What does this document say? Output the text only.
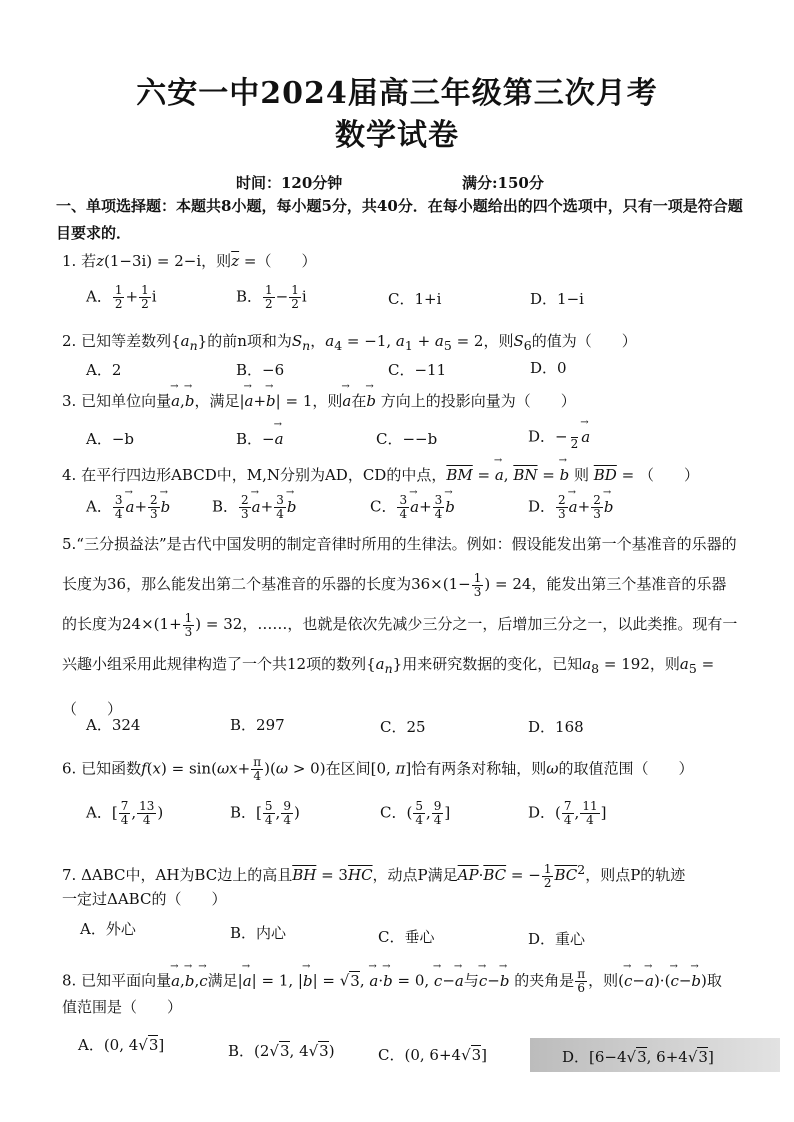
六安一中2024届高三年级第三次月考
数学试卷
时间：120分钟	满分:150分
一、单项选择题：本题共8小题，每小题5分，共40分．在每小题给出的四个选项中，只有一项是符合题目要求的．
1. 若z(1−3i) = 2−i，则$\overline{z}$ =（　　）
A． $\frac{1}{2} + \frac{1}{2}$ i	B． $\frac{1}{2} - \frac{1}{2}$ i	C．1+i	D．1−i
2. 已知等差数列$\{a_n\}$的前n项和为$S_n$，$a_4 = -1$, $a_1 + a_5 = 2$，则$S_6$的值为（　　）
A．2	B．−6	C．−11	D．0
3. 已知单位向量→ a,→ b，满足|→ a+→ b| = 1，则→ a在→ b 方向上的投影向量为（　　）
A．−b	B．−→ a	C．−−b	D．−
2 → a
4. 在平行四边形ABCD中，M,N分别为AD，CD的中点，$\overline{BM}$ = → a, $\overline{BN}$ = → b 则 $\overline{BD}$ = （　　）
A． $\frac{3}{4} \to a+ \frac{2}{3} \to b$	B． $\frac{2}{3} \to a+ \frac{3}{4} \to b$	C． $\frac{3}{4} \to a+ \frac{3}{4} \to b$	D． $\frac{2}{3} \to a+ \frac{2}{3} \to b$
5.“三分损益法”是古代中国发明的制定音律时所用的生律法。例如：假设能发出第一个基准音的乐器的长度为36，那么能发出第二个基准音的乐器的长度为$36\times(1- \frac{1}{3}$ ) = 24，能发出第三个基准音的乐器的长度为$24\times(1+ \frac{1}{3}$ ) = 32，……，也就是依次先减少三分之一，后增加三分之一，以此类推。现有一兴趣小组采用此规律构造了一个共12项的数列$\{a_n\}$用来研究数据的变化，已知$a_8 = 192$，则$a_5$ =（　　）
A．324	B．297	C．25	D．168
6. 已知函数$f(x) = \sin(\omega x+ \frac{\pi}{4} )(\omega > 0)$在区间[0, π]恰有两条对称轴，则ω的取值范围（　　）
A．[ $\frac{7}{4}$ , $\frac{13}{4}$ )	B．[ $\frac{5}{4}$ , $\frac{9}{4}$ )	C．( $\frac{5}{4}$ , $\frac{9}{4}$ ]	D．( $\frac{7}{4}$ , $\frac{11}{4}$ ]
7. ΔABC中，AH为BC边上的高且$\overline{BH} = 3\overline{HC}$，动点P满足$\overline{AP}\cdot\overline{BC}$ = − $\frac{1}{2} \overline{BC}^2$，则点P的轨迹
一定过ΔABC的（　　）
A．外心	B．内心	C．垂心	D．重心
8. 已知平面向量→ a,→ b,→ c满足|→ a| = 1, |→ b| = √3, → a·→ b = 0, → c−→ a与→ c−→ b 的夹角是 $\frac{\pi}{6}$ ，则(→ c−→ a)·(→ c−→ b)取
值范围是（　　）
A．(0, 4√3]	B．(2√3, 4√3)	C．(0, 6+4√3]	D．[6−4√3, 6+4√3]
